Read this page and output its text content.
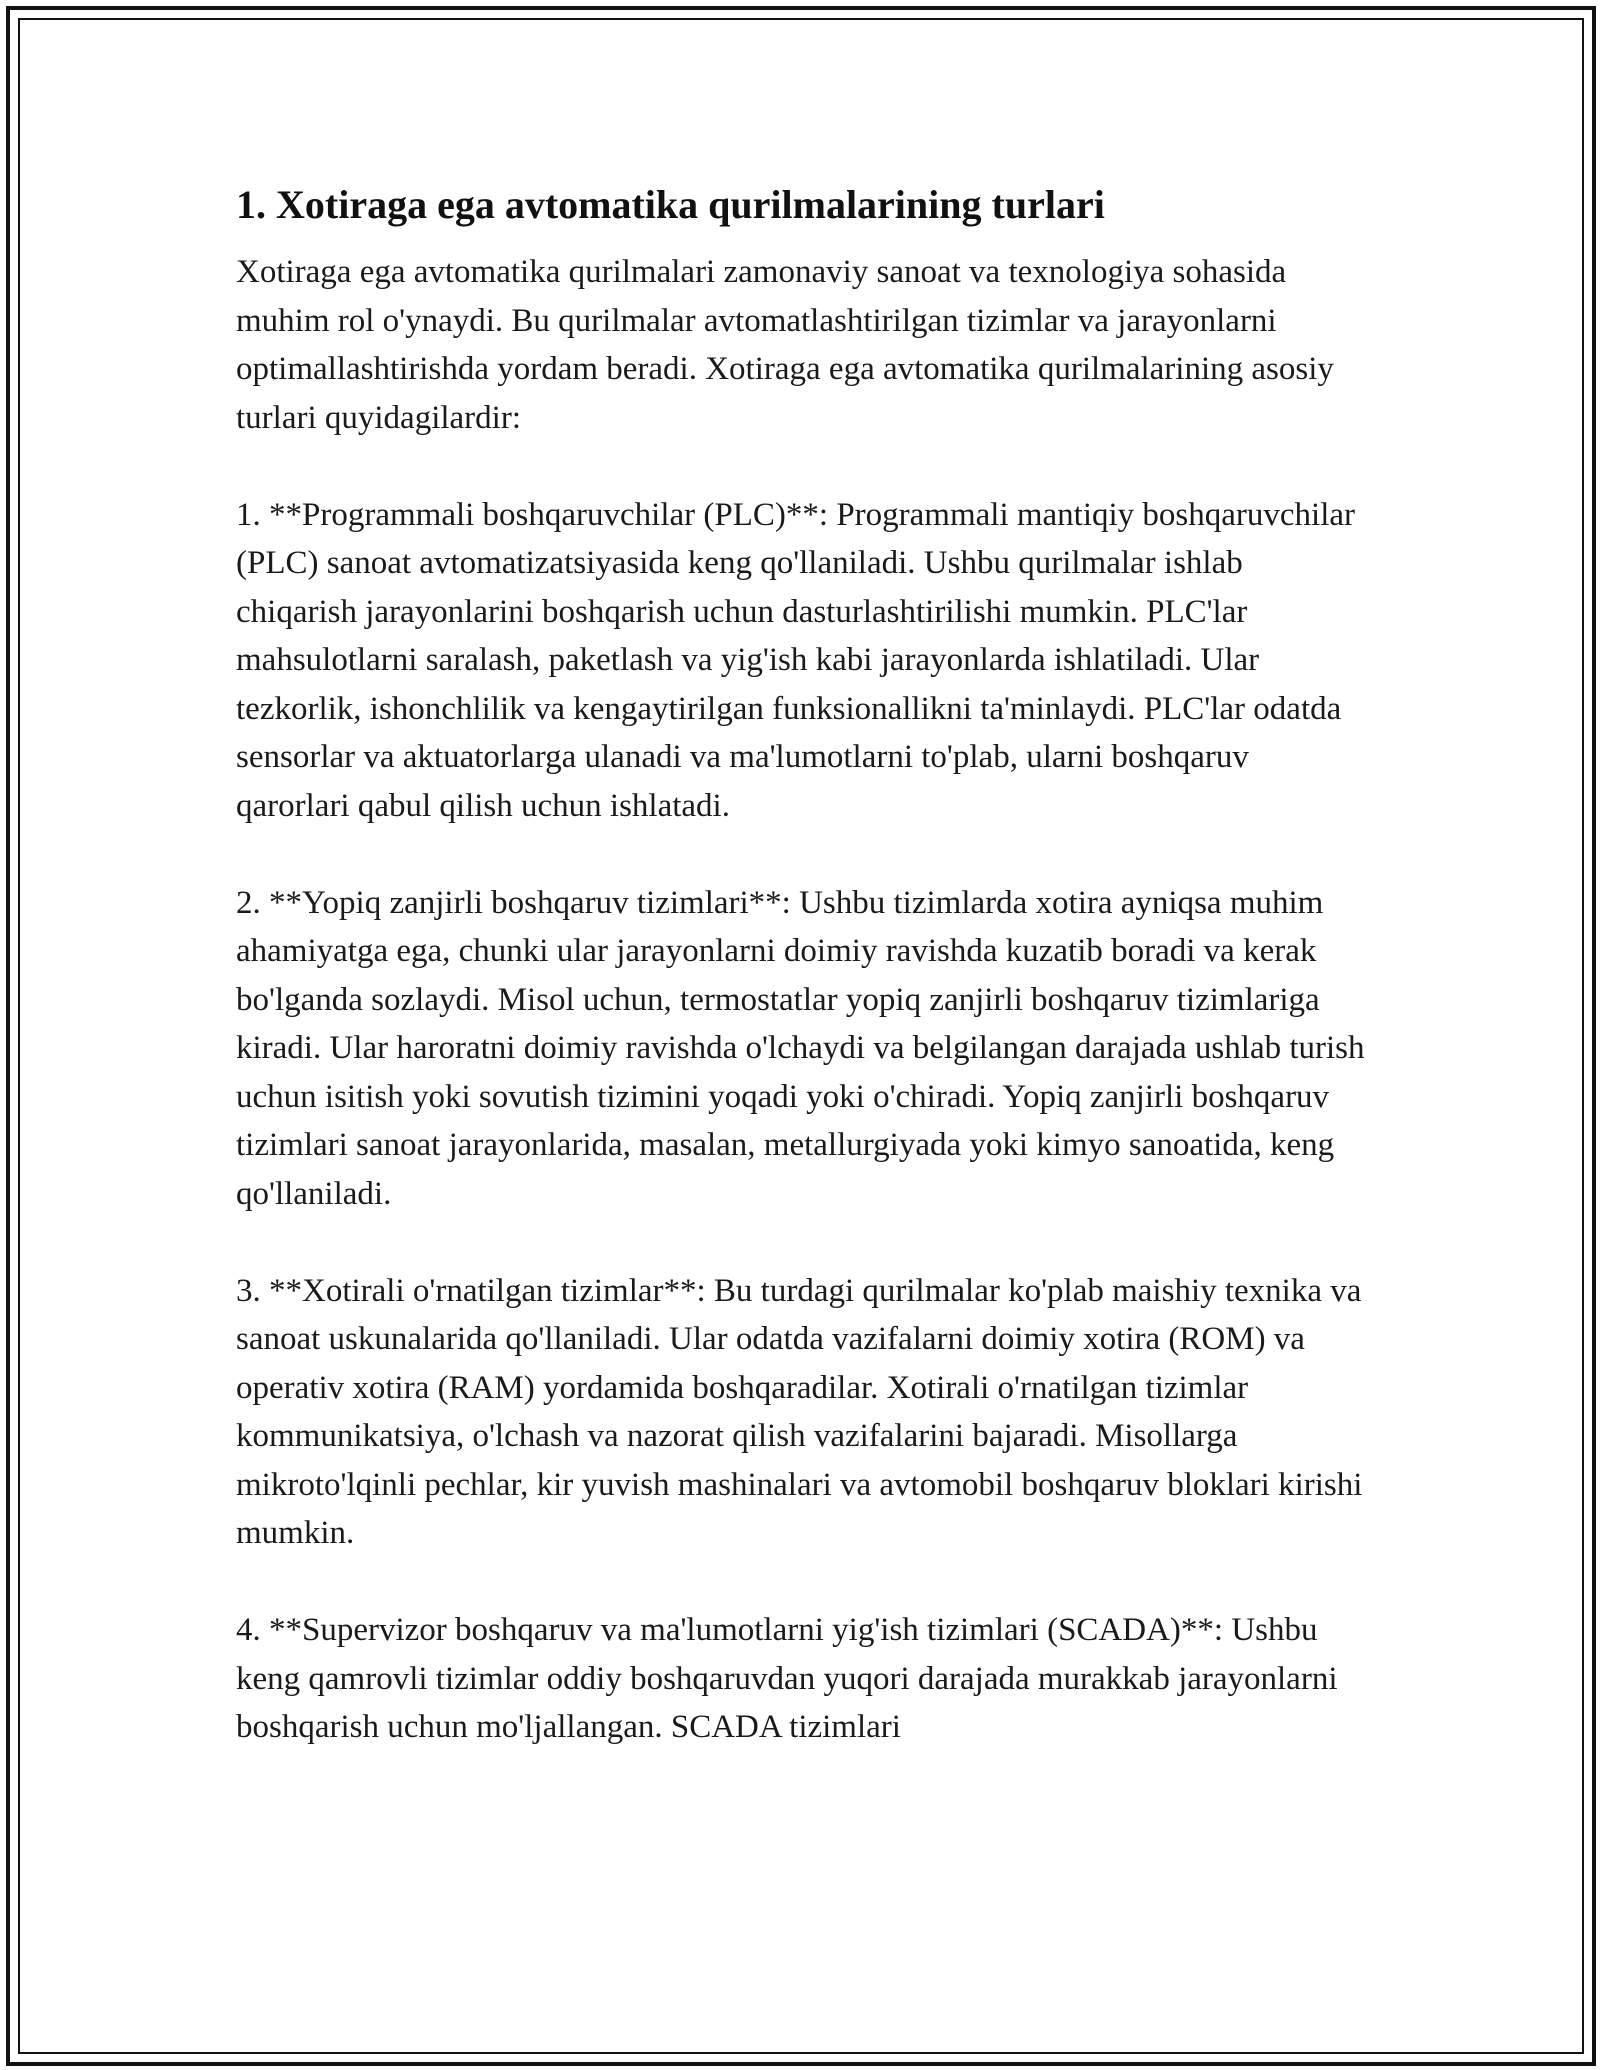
1. Xotiraga ega avtomatika qurilmalarining turlari

Xotiraga ega avtomatika qurilmalari zamonaviy sanoat va texnologiya sohasida muhim rol o'ynaydi. Bu qurilmalar avtomatlashtirilgan tizimlar va jarayonlarni optimallashtirishda yordam beradi. Xotiraga ega avtomatika qurilmalarining asosiy turlari quyidagilardir:

1. **Programmali boshqaruvchilar (PLC)**: Programmali mantiqiy boshqaruvchilar (PLC) sanoat avtomatizatsiyasida keng qo'llaniladi. Ushbu qurilmalar ishlab chiqarish jarayonlarini boshqarish uchun dasturlashtirilishi mumkin. PLC'lar mahsulotlarni saralash, paketlash va yig'ish kabi jarayonlarda ishlatiladi. Ular tezkorlik, ishonchlilik va kengaytirilgan funksionallikni ta'minlaydi. PLC'lar odatda sensorlar va aktuatorlarga ulanadi va ma'lumotlarni to'plab, ularni boshqaruv qarorlari qabul qilish uchun ishlatadi.

2. **Yopiq zanjirli boshqaruv tizimlari**: Ushbu tizimlarda xotira ayniqsa muhim ahamiyatga ega, chunki ular jarayonlarni doimiy ravishda kuzatib boradi va kerak bo'lganda sozlaydi. Misol uchun, termostatlar yopiq zanjirli boshqaruv tizimlariga kiradi. Ular haroratni doimiy ravishda o'lchaydi va belgilangan darajada ushlab turish uchun isitish yoki sovutish tizimini yoqadi yoki o'chiradi. Yopiq zanjirli boshqaruv tizimlari sanoat jarayonlarida, masalan, metallurgiyada yoki kimyo sanoatida, keng qo'llaniladi.

3. **Xotirali o'rnatilgan tizimlar**: Bu turdagi qurilmalar ko'plab maishiy texnika va sanoat uskunalarida qo'llaniladi. Ular odatda vazifalarni doimiy xotira (ROM) va operativ xotira (RAM) yordamida boshqaradilar. Xotirali o'rnatilgan tizimlar kommunikatsiya, o'lchash va nazorat qilish vazifalarini bajaradi. Misollarga mikroto'lqinli pechlar, kir yuvish mashinalari va avtomobil boshqaruv bloklari kirishi mumkin.

4. **Supervizor boshqaruv va ma'lumotlarni yig'ish tizimlari (SCADA)**: Ushbu keng qamrovli tizimlar oddiy boshqaruvdan yuqori darajada murakkab jarayonlarni boshqarish uchun mo'ljallangan. SCADA tizimlari
